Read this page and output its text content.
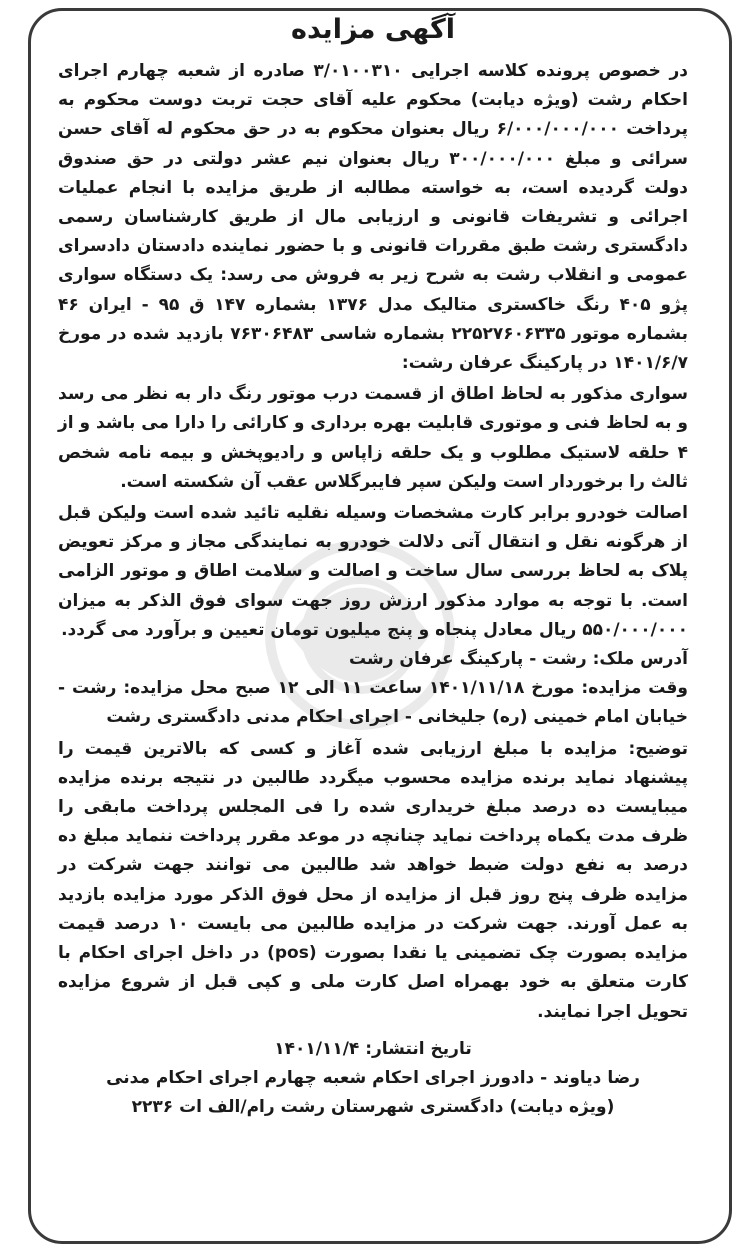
آگهی مزایده

در خصوص پرونده کلاسه اجرایی ۳/۰۱۰۰۳۱۰ صادره از شعبه چهارم اجرای احکام رشت (ویژه دیابت) محکوم علیه آقای حجت تربت دوست محکوم به پرداخت ۶/۰۰۰/۰۰۰/۰۰۰ ریال بعنوان محکوم به در حق محکوم له آقای حسن سرائی و مبلغ ۳۰۰/۰۰۰/۰۰۰ ریال بعنوان نیم عشر دولتی در حق صندوق دولت گردیده است، به خواسته مطالبه از طریق مزایده با انجام عملیات اجرائی و تشریفات قانونی و ارزیابی مال از طریق کارشناسان رسمی دادگستری رشت طبق مقررات قانونی و با حضور نماینده دادستان دادسرای عمومی و انقلاب رشت به شرح زیر به فروش می رسد: یک دستگاه سواری پژو ۴۰۵ رنگ خاکستری متالیک مدل ۱۳۷۶ بشماره ۱۴۷ ق ۹۵ - ایران ۴۶ بشماره موتور ۲۲۵۲۷۶۰۶۳۳۵ بشماره شاسی ۷۶۳۰۶۴۸۳ بازدید شده در مورخ ۱۴۰۱/۶/۷ در پارکینگ عرفان رشت:

سواری مذکور به لحاظ اطاق از قسمت درب موتور رنگ دار به نظر می رسد و به لحاظ فنی و موتوری قابلیت بهره برداری و کارائی را دارا می باشد و از ۴ حلقه لاستیک مطلوب و یک حلقه زاپاس و رادیوپخش و بیمه نامه شخص ثالث را برخوردار است ولیکن سپر فایبرگلاس عقب آن شکسته است.

اصالت خودرو برابر کارت مشخصات وسیله نقلیه تائید شده است ولیکن قبل از هرگونه نقل و انتقال آتی دلالت خودرو به نمایندگی مجاز و مرکز تعویض پلاک به لحاظ بررسی سال ساخت و اصالت و سلامت اطاق و موتور الزامی است. با توجه به موارد مذکور ارزش روز جهت سوای فوق الذکر به میزان ۵۵۰/۰۰۰/۰۰۰ ریال معادل پنجاه و پنج میلیون تومان تعیین و برآورد می گردد.

آدرس ملک: رشت - پارکینگ عرفان رشت

وقت مزایده: مورخ ۱۴۰۱/۱۱/۱۸ ساعت ۱۱ الی ۱۲ صبح محل مزایده: رشت - خیابان امام خمینی (ره) جلیخانی - اجرای احکام مدنی دادگستری رشت

توضیح: مزایده با مبلغ ارزیابی شده آغاز و کسی که بالاترین قیمت را پیشنهاد نماید برنده مزایده محسوب میگردد طالبین در نتیجه برنده مزایده میبایست ده درصد مبلغ خریداری شده را فی المجلس پرداخت مابقی را ظرف مدت یکماه پرداخت نماید چنانچه در موعد مقرر پرداخت ننماید مبلغ ده درصد به نفع دولت ضبط خواهد شد طالبین می توانند جهت شرکت در مزایده ظرف پنج روز قبل از مزایده از محل فوق الذکر مورد مزایده بازدید به عمل آورند. جهت شرکت در مزایده طالبین می بایست ۱۰ درصد قیمت مزایده بصورت چک تضمینی یا نقدا بصورت (pos) در داخل اجرای احکام با کارت متعلق به خود بهمراه اصل کارت ملی و کپی قبل از شروع مزایده تحویل اجرا نمایند.

تاریخ انتشار: ۱۴۰۱/۱۱/۴
رضا دیاوند - دادورز اجرای احکام شعبه چهارم اجرای احکام مدنی
(ویژه دیابت) دادگستری شهرستان رشت رام/الف ات ۲۲۳۶
